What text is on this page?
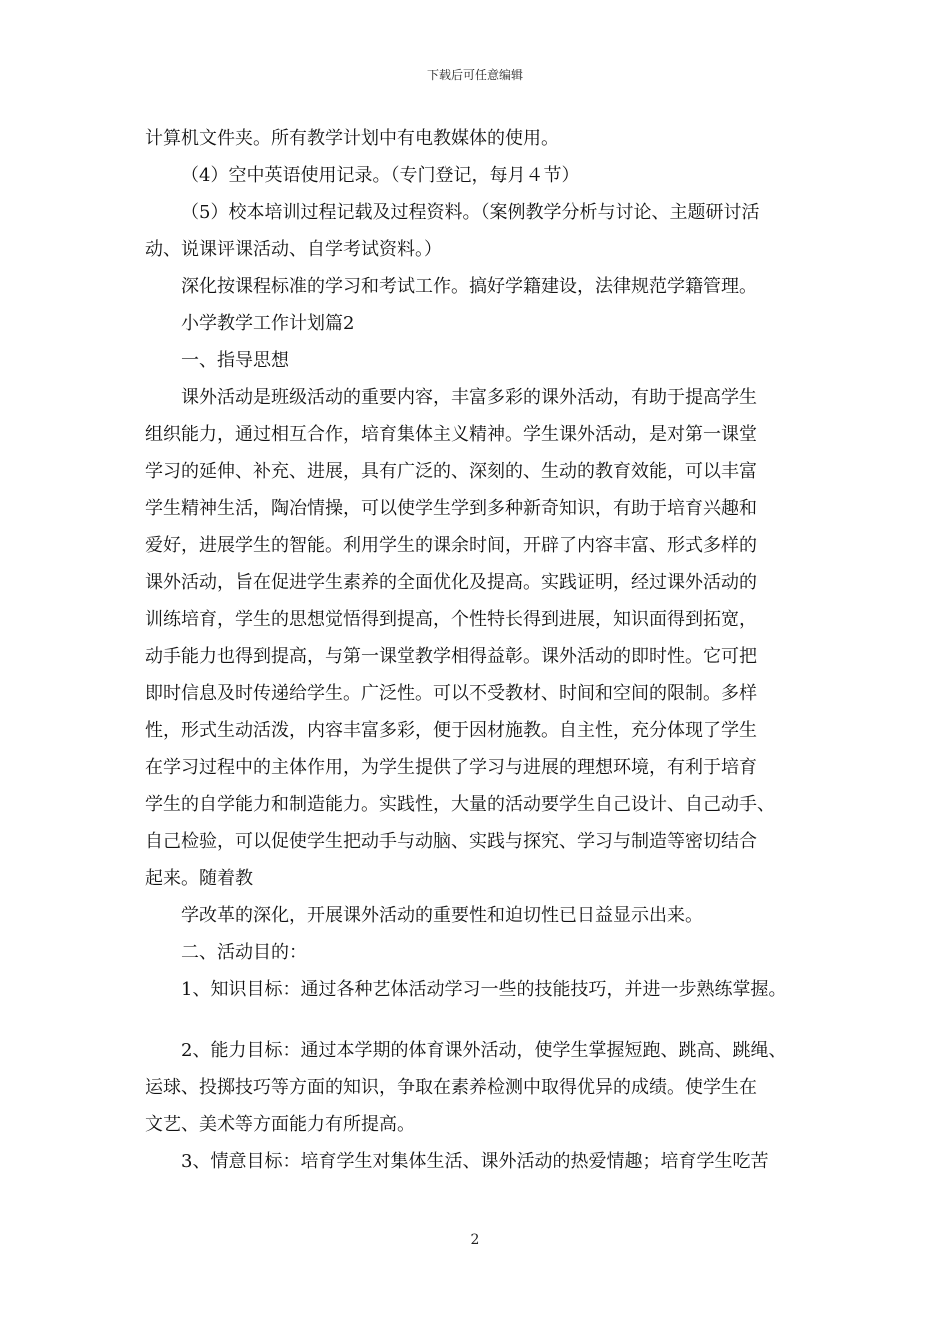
下载后可任意编辑
计算机文件夹。所有教学计划中有电教媒体的使用。
（4）空中英语使用记录。（专门登记，每月４节）
（5）校本培训过程记载及过程资料。（案例教学分析与讨论、主题研讨活
动、说课评课活动、自学考试资料。）
深化按课程标准的学习和考试工作。搞好学籍建设，法律规范学籍管理。
小学教学工作计划篇2
一、指导思想
课外活动是班级活动的重要内容，丰富多彩的课外活动，有助于提高学生
组织能力，通过相互合作，培育集体主义精神。学生课外活动，是对第一课堂
学习的延伸、补充、进展，具有广泛的、深刻的、生动的教育效能，可以丰富
学生精神生活，陶冶情操，可以使学生学到多种新奇知识，有助于培育兴趣和
爱好，进展学生的智能。利用学生的课余时间，开辟了内容丰富、形式多样的
课外活动，旨在促进学生素养的全面优化及提高。实践证明，经过课外活动的
训练培育，学生的思想觉悟得到提高，个性特长得到进展，知识面得到拓宽，
动手能力也得到提高，与第一课堂教学相得益彰。课外活动的即时性。它可把
即时信息及时传递给学生。广泛性。可以不受教材、时间和空间的限制。多样
性，形式生动活泼，内容丰富多彩，便于因材施教。自主性，充分体现了学生
在学习过程中的主体作用，为学生提供了学习与进展的理想环境，有利于培育
学生的自学能力和制造能力。实践性，大量的活动要学生自己设计、自己动手、
自己检验，可以促使学生把动手与动脑、实践与探究、学习与制造等密切结合
起来。随着教
学改革的深化，开展课外活动的重要性和迫切性已日益显示出来。
二、活动目的：
1、知识目标：通过各种艺体活动学习一些的技能技巧，并进一步熟练掌握。
2、能力目标：通过本学期的体育课外活动，使学生掌握短跑、跳高、跳绳、
运球、投掷技巧等方面的知识，争取在素养检测中取得优异的成绩。使学生在
文艺、美术等方面能力有所提高。
3、情意目标：培育学生对集体生活、课外活动的热爱情趣；培育学生吃苦
2
